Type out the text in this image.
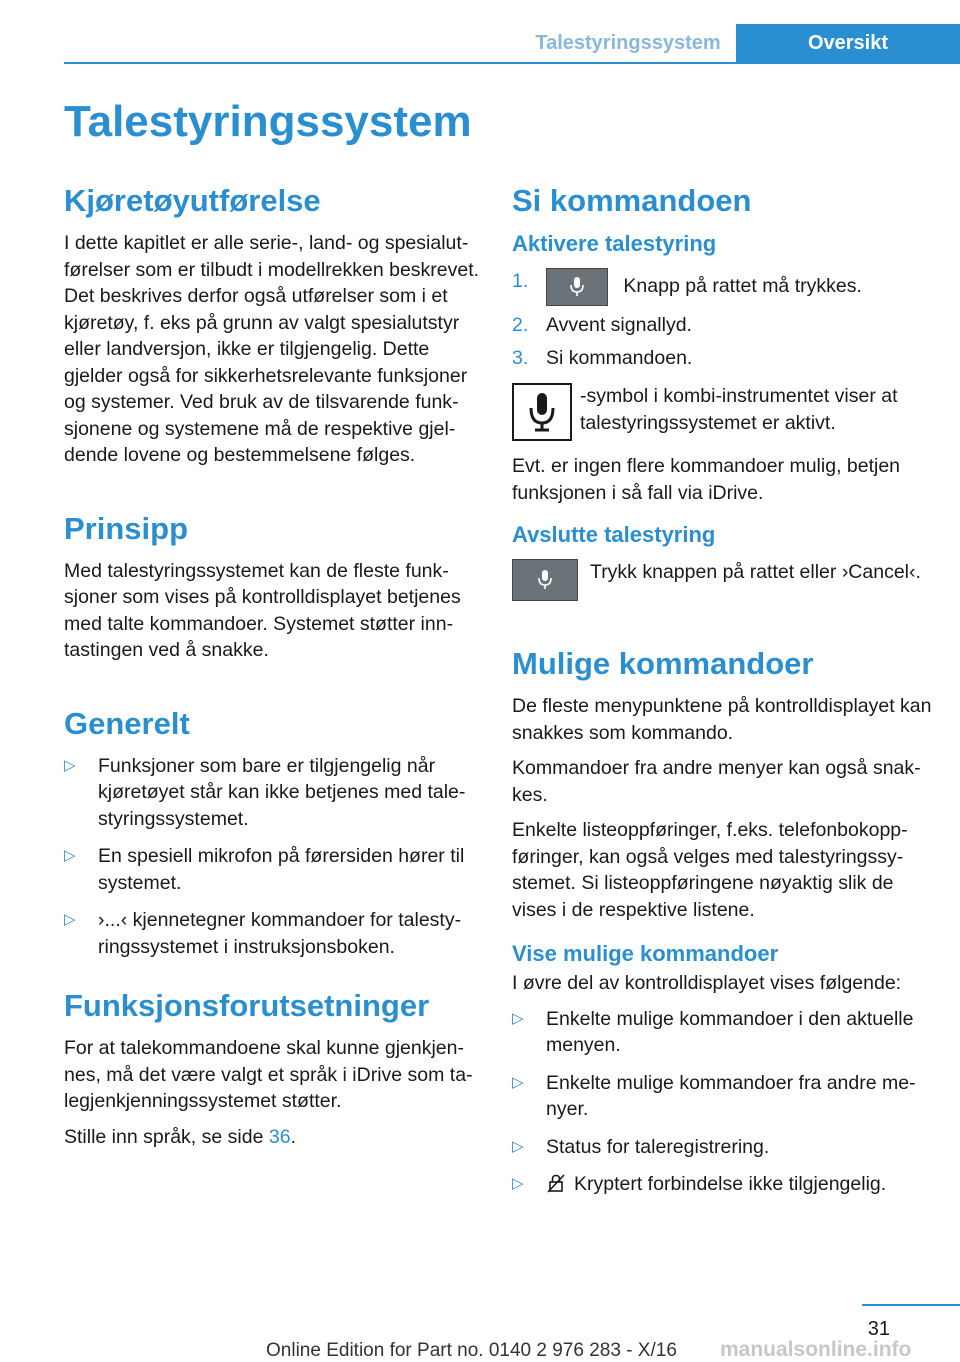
Talestyringssystem	Oversikt
Talestyringssystem
Kjøretøyutførelse

I dette kapitlet er alle serie-, land- og spesialutførelser som er tilbudt i modellrekken beskrevet. Det beskrives derfor også utførelser som i et kjøretøy, f. eks på grunn av valgt spesialutstyr eller landversjon, ikke er tilgjengelig. Dette gjelder også for sikkerhetsrelevante funksjoner og systemer. Ved bruk av de tilsvarende funksjonene og systemene må de respektive gjeldende lovene og bestemmelsene følges.

Prinsipp

Med talestyringssystemet kan de fleste funksjoner som vises på kontrolldisplayet betjenes med talte kommandoer. Systemet støtter inntastingen ved å snakke.

Generelt
▷ Funksjoner som bare er tilgjengelig når kjøretøyet står kan ikke betjenes med talestyringssystemet.
▷ En spesiell mikrofon på førersiden hører til systemet.
▷ ›...‹ kjennetegner kommandoer for talestyringssystemet i instruksjonsboken.
Funksjonsforutsetninger

For at talekommandoene skal kunne gjenkjennes, må det være valgt et språk i iDrive som talegjenkjenningssystemet støtter.

Stille inn språk, se side 36.

Si kommandoen
Aktivere talestyring
1.	Knapp på rattet må trykkes.
2. Avvent signallyd.
3. Si kommandoen.

-symbol i kombi-instrumentet viser at talestyringssystemet er aktivt.

Evt. er ingen flere kommandoer mulig, betjen funksjonen i så fall via iDrive.

Avslutte talestyring

Trykk knappen på rattet eller ›Cancel‹.

Mulige kommandoer

De fleste menypunktene på kontrolldisplayet kan snakkes som kommando.

Kommandoer fra andre menyer kan også snakkes.

Enkelte listeoppføringer, f.eks. telefonbokoppføringer, kan også velges med talestyringssystemet. Si listeoppføringene nøyaktig slik de vises i de respektive listene.

Vise mulige kommandoer

I øvre del av kontrolldisplayet vises følgende:

▷ Enkelte mulige kommandoer i den aktuelle menyen.
▷ Enkelte mulige kommandoer fra andre menyer.
▷ Status for taleregistrering.
▷	Kryptert forbindelse ikke tilgjengelig.
31
Online Edition for Part no. 0140 2 976 283 - X/16 manualsonline.info
